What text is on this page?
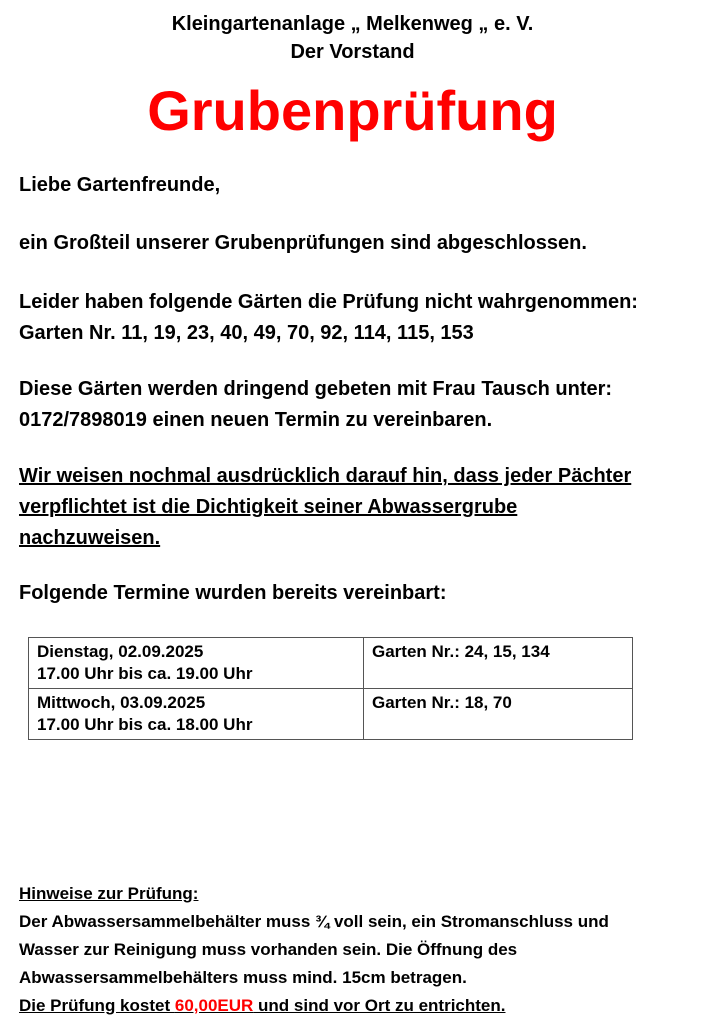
Kleingartenanlage „ Melkenweg „ e. V.
Der Vorstand
Grubenprüfung
Liebe Gartenfreunde,
ein Großteil unserer Grubenprüfungen sind abgeschlossen.
Leider haben folgende Gärten die Prüfung nicht wahrgenommen:
Garten Nr. 11, 19, 23, 40, 49, 70, 92, 114, 115, 153
Diese Gärten werden dringend gebeten mit Frau Tausch unter:
0172/7898019 einen neuen Termin zu vereinbaren.
Wir weisen nochmal ausdrücklich darauf hin, dass jeder Pächter
verpflichtet ist die Dichtigkeit seiner Abwassergrube
nachzuweisen.
Folgende Termine wurden bereits vereinbart:
Dienstag, 02.09.2025
17.00 Uhr bis ca. 19.00 Uhr	Garten Nr.: 24, 15, 134

Mittwoch, 03.09.2025
17.00 Uhr bis ca. 18.00 Uhr	Garten Nr.: 18, 70
Hinweise zur Prüfung:
Der Abwassersammelbehälter muss ¾ voll sein, ein Stromanschluss und
Wasser zur Reinigung muss vorhanden sein. Die Öffnung des
Abwassersammelbehälters muss mind. 15cm betragen.
Die Prüfung kostet 60,00EUR und sind vor Ort zu entrichten.
